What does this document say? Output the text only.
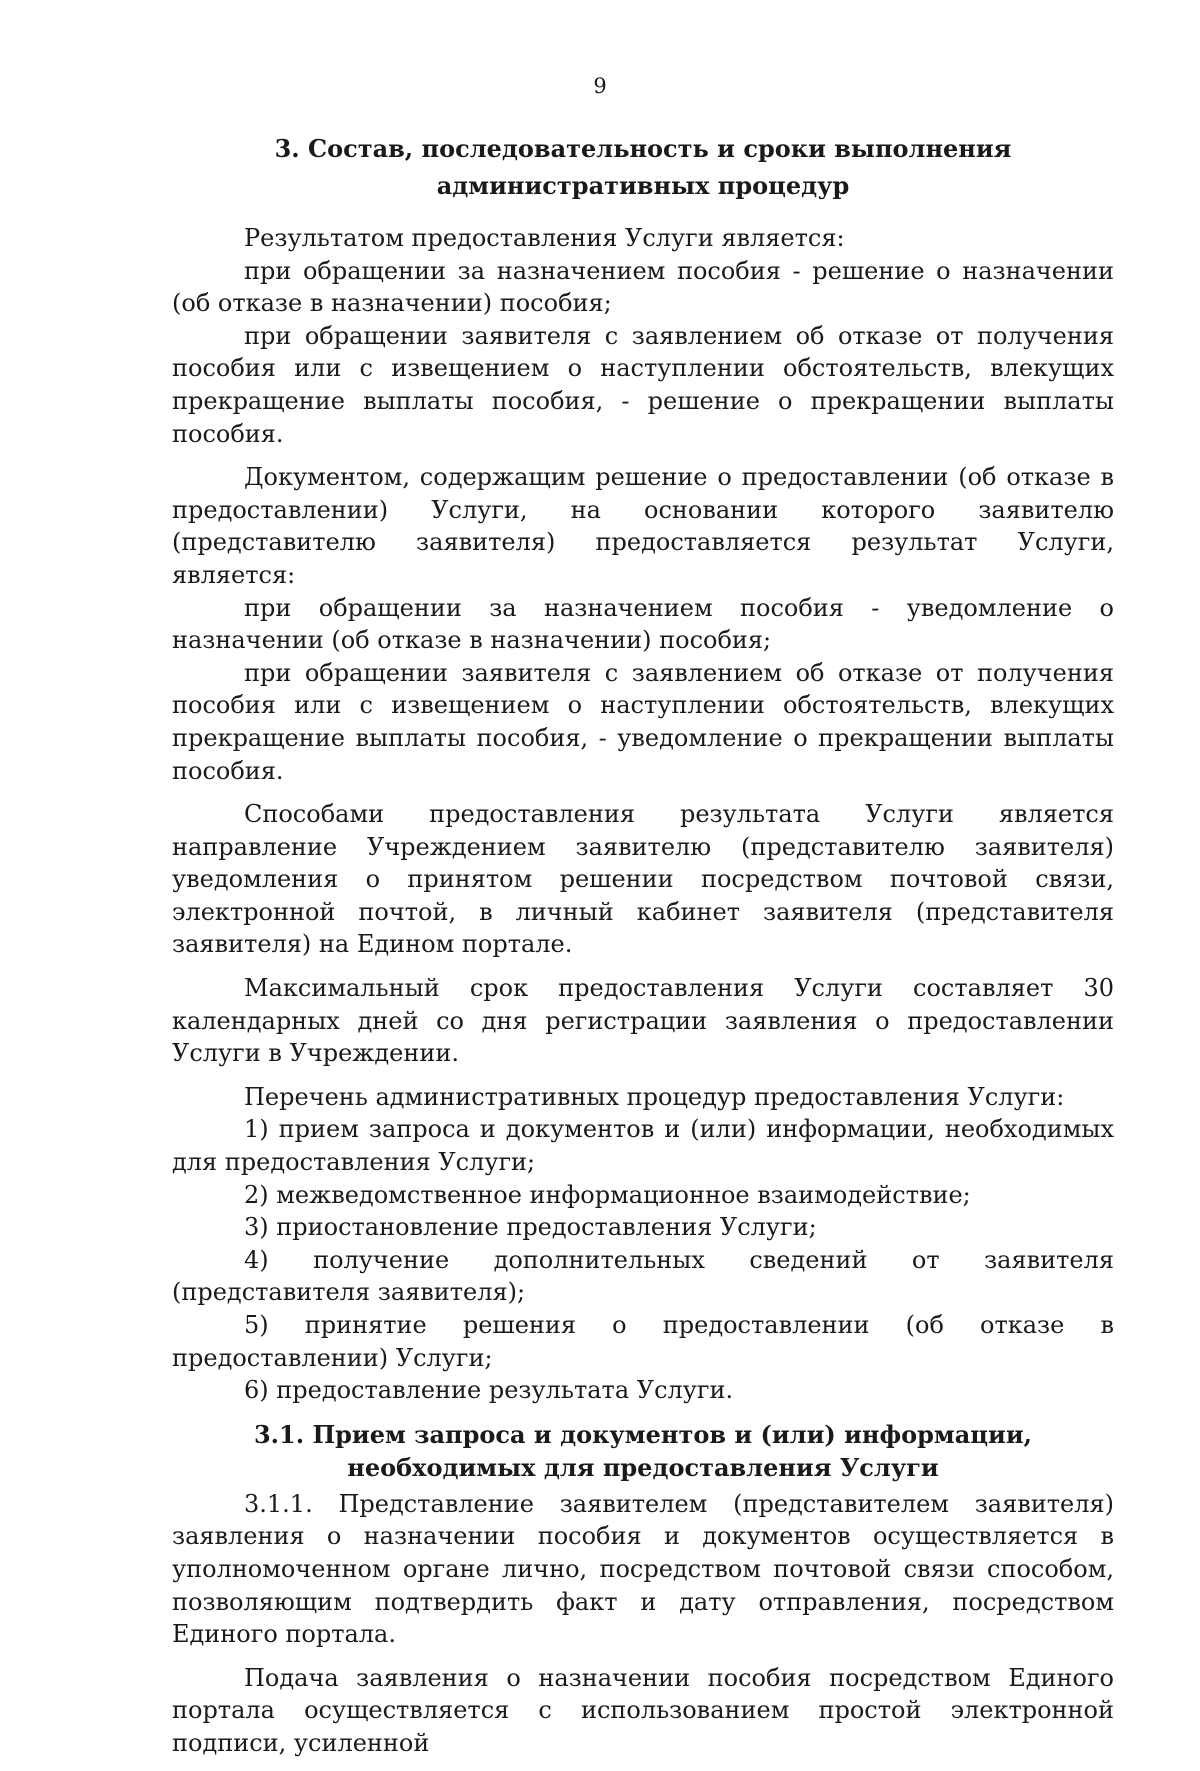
9
3. Состав, последовательность и сроки выполнения административных процедур

Результатом предоставления Услуги является:

при обращении за назначением пособия - решение о назначении (об отказе в назначении) пособия;

при обращении заявителя с заявлением об отказе от получения пособия или с извещением о наступлении обстоятельств, влекущих прекращение выплаты пособия, - решение о прекращении выплаты пособия.

Документом, содержащим решение о предоставлении (об отказе в предоставлении) Услуги, на основании которого заявителю (представителю заявителя) предоставляется результат Услуги, является:

при обращении за назначением пособия - уведомление о назначении (об отказе в назначении) пособия;

при обращении заявителя с заявлением об отказе от получения пособия или с извещением о наступлении обстоятельств, влекущих прекращение выплаты пособия, - уведомление о прекращении выплаты пособия.

Способами предоставления результата Услуги является направление Учреждением заявителю (представителю заявителя) уведомления о принятом решении посредством почтовой связи, электронной почтой, в личный кабинет заявителя (представителя заявителя) на Едином портале.

Максимальный срок предоставления Услуги составляет 30 календарных дней со дня регистрации заявления о предоставлении Услуги в Учреждении.

Перечень административных процедур предоставления Услуги:

1) прием запроса и документов и (или) информации, необходимых для предоставления Услуги;

2) межведомственное информационное взаимодействие;

3) приостановление предоставления Услуги;

4) получение дополнительных сведений от заявителя (представителя заявителя);

5) принятие решения о предоставлении (об отказе в предоставлении) Услуги;

6) предоставление результата Услуги.

3.1. Прием запроса и документов и (или) информации, необходимых для предоставления Услуги

3.1.1. Представление заявителем (представителем заявителя) заявления о назначении пособия и документов осуществляется в уполномоченном органе лично, посредством почтовой связи способом, позволяющим подтвердить факт и дату отправления, посредством Единого портала.

Подача заявления о назначении пособия посредством Единого портала осуществляется с использованием простой электронной подписи, усиленной
